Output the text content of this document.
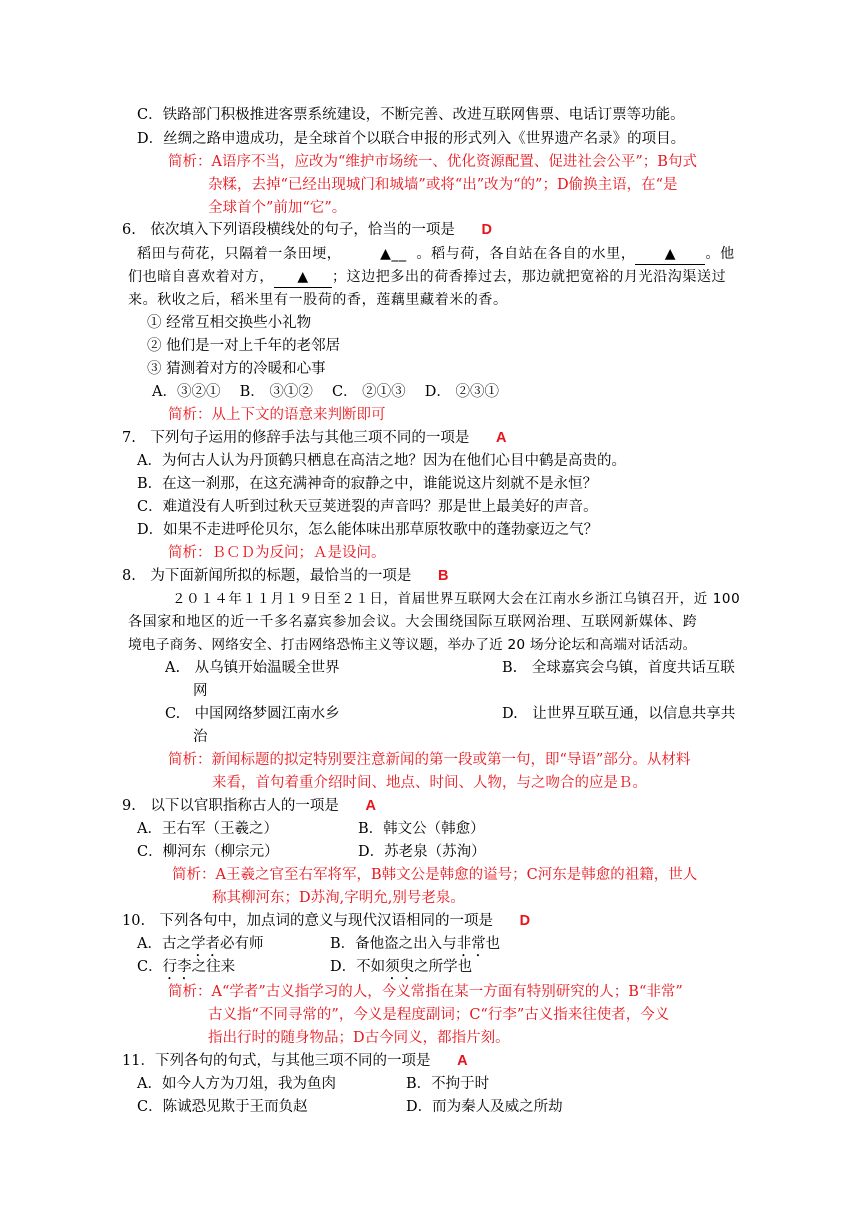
C．铁路部门积极推进客票系统建设，不断完善、改进互联网售票、电话订票等功能。
D．丝绸之路申遗成功，是全球首个以联合申报的形式列入《世界遗产名录》的项目。
简析：A语序不当，应改为“维护市场统一、优化资源配置、促进社会公平”；B句式
杂糅，去掉“已经出现城门和城墙”或将“出”改为“的”；D偷换主语，在“是
全球首个”前加“它”。
6.　依次填入下列语段横线处的句子，恰当的一项是 D
稻田与荷花，只隔着一条田埂，	▲__ 。稻与荷，各自站在各自的水里， ▲ 。他
们也暗自喜欢着对方， ▲ ；这边把多出的荷香捧过去，那边就把宽裕的月光沿沟渠送过
来。秋收之后，稻米里有一股荷的香，莲藕里藏着米的香。
① 经常互相交换些小礼物
② 他们是一对上千年的老邻居
③ 猜测着对方的冷暖和心事
A．③②①　 B． ③①②　 C． ②①③　 D． ②③①
简析：从上下文的语意来判断即可
7.　下列句子运用的修辞手法与其他三项不同的一项是 A
A．为何古人认为丹顶鹤只栖息在高洁之地？因为在他们心目中鹤是高贵的。
B．在这一刹那，在这充满神奇的寂静之中，谁能说这片刻就不是永恒？
C．难道没有人听到过秋天豆荚迸裂的声音吗？那是世上最美好的声音。
D．如果不走进呼伦贝尔，怎么能体味出那草原牧歌中的蓬勃豪迈之气？
简析：ＢＣＤ为反问；Ａ是设问。
8.　为下面新闻所拟的标题，最恰当的一项是 B
２０１４年１１月１９日至２１日，首届世界互联网大会在江南水乡浙江乌镇召开，近 100
各国家和地区的近一千多名嘉宾参加会议。大会围绕国际互联网治理、互联网新媒体、跨
境电子商务、网络安全、打击网络恐怖主义等议题，举办了近 20 场分论坛和高端对话活动。
A.　从乌镇开始温暖全世界	B.　全球嘉宾会乌镇，首度共话互联
网
C.　中国网络梦圆江南水乡	D.　让世界互联互通，以信息共享共
治
简析：新闻标题的拟定特别要注意新闻的第一段或第一句，即“导语”部分。从材料
来看，首句着重介绍时间、地点、时间、人物，与之吻合的应是Ｂ。
9.　以下以官职指称古人的一项是 A
A．王右军（王羲之）	B．韩文公（韩愈）
C．柳河东（柳宗元）	D．苏老泉（苏洵）
简析：A王羲之官至右军将军，B韩文公是韩愈的谥号；C河东是韩愈的祖籍，世人
称其柳河东；D苏洵,字明允,别号老泉。
10.　下列各句中，加点词的意义与现代汉语相同的一项是 D
A．古之学者必有师	B．备他盗之出入与非常也
C．行李之往来	D．不如须臾之所学也
简析：A“学者”古义指学习的人，今义常指在某一方面有特别研究的人；B“非常”
古义指“不同寻常的”，今义是程度副词；C“行李”古义指来往使者，今义
指出行时的随身物品；D古今同义，都指片刻。
11．下列各句的句式，与其他三项不同的一项是 A
A．如今人方为刀俎，我为鱼肉	B．不拘于时
C．陈诚恐见欺于王而负赵	D．而为秦人及威之所劫
